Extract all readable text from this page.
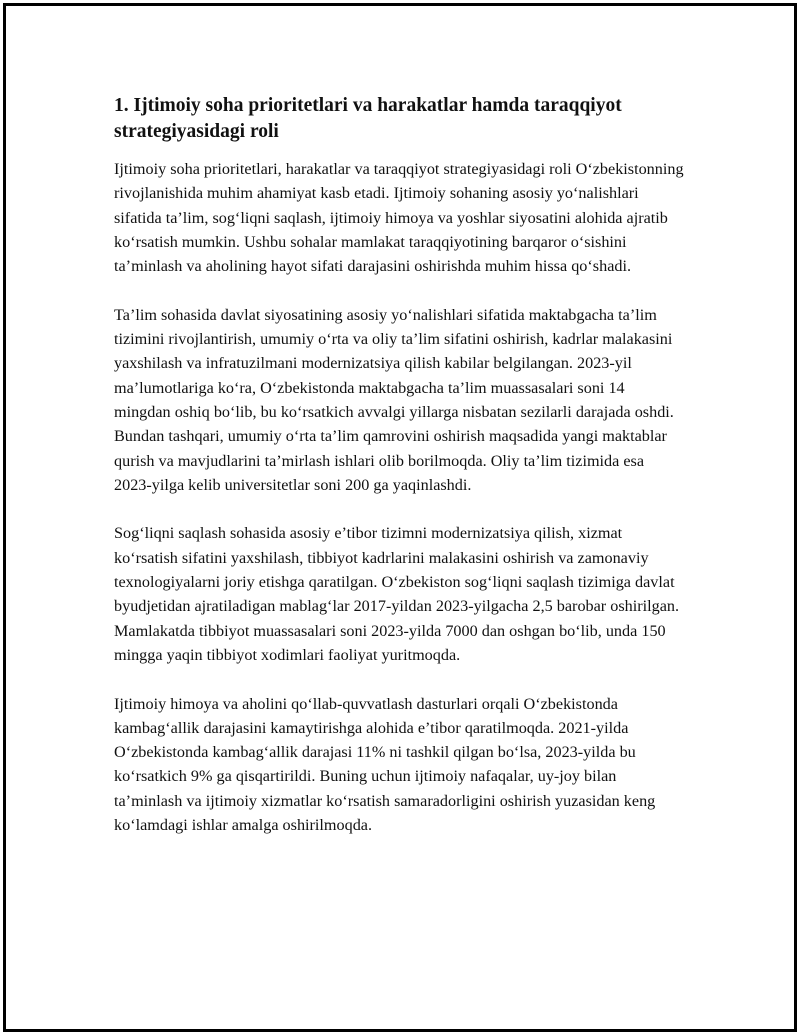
1. Ijtimoiy soha prioritetlari va harakatlar hamda taraqqiyot strategiyasidagi roli

Ijtimoiy soha prioritetlari, harakatlar va taraqqiyot strategiyasidagi roli O‘zbekistonning rivojlanishida muhim ahamiyat kasb etadi. Ijtimoiy sohaning asosiy yo‘nalishlari sifatida ta’lim, sog‘liqni saqlash, ijtimoiy himoya va yoshlar siyosatini alohida ajratib ko‘rsatish mumkin. Ushbu sohalar mamlakat taraqqiyotining barqaror o‘sishini ta’minlash va aholining hayot sifati darajasini oshirishda muhim hissa qo‘shadi.

Ta’lim sohasida davlat siyosatining asosiy yo‘nalishlari sifatida maktabgacha ta’lim tizimini rivojlantirish, umumiy o‘rta va oliy ta’lim sifatini oshirish, kadrlar malakasini yaxshilash va infratuzilmani modernizatsiya qilish kabilar belgilangan. 2023-yil ma’lumotlariga ko‘ra, O‘zbekistonda maktabgacha ta’lim muassasalari soni 14 mingdan oshiq bo‘lib, bu ko‘rsatkich avvalgi yillarga nisbatan sezilarli darajada oshdi. Bundan tashqari, umumiy o‘rta ta’lim qamrovini oshirish maqsadida yangi maktablar qurish va mavjudlarini ta’mirlash ishlari olib borilmoqda. Oliy ta’lim tizimida esa 2023-yilga kelib universitetlar soni 200 ga yaqinlashdi.

Sog‘liqni saqlash sohasida asosiy e’tibor tizimni modernizatsiya qilish, xizmat ko‘rsatish sifatini yaxshilash, tibbiyot kadrlarini malakasini oshirish va zamonaviy texnologiyalarni joriy etishga qaratilgan. O‘zbekiston sog‘liqni saqlash tizimiga davlat byudjetidan ajratiladigan mablag‘lar 2017-yildan 2023-yilgacha 2,5 barobar oshirilgan. Mamlakatda tibbiyot muassasalari soni 2023-yilda 7000 dan oshgan bo‘lib, unda 150 mingga yaqin tibbiyot xodimlari faoliyat yuritmoqda.

Ijtimoiy himoya va aholini qo‘llab-quvvatlash dasturlari orqali O‘zbekistonda kambag‘allik darajasini kamaytirishga alohida e’tibor qaratilmoqda. 2021-yilda O‘zbekistonda kambag‘allik darajasi 11% ni tashkil qilgan bo‘lsa, 2023-yilda bu ko‘rsatkich 9% ga qisqartirildi. Buning uchun ijtimoiy nafaqalar, uy-joy bilan ta’minlash va ijtimoiy xizmatlar ko‘rsatish samaradorligini oshirish yuzasidan keng ko‘lamdagi ishlar amalga oshirilmoqda.
